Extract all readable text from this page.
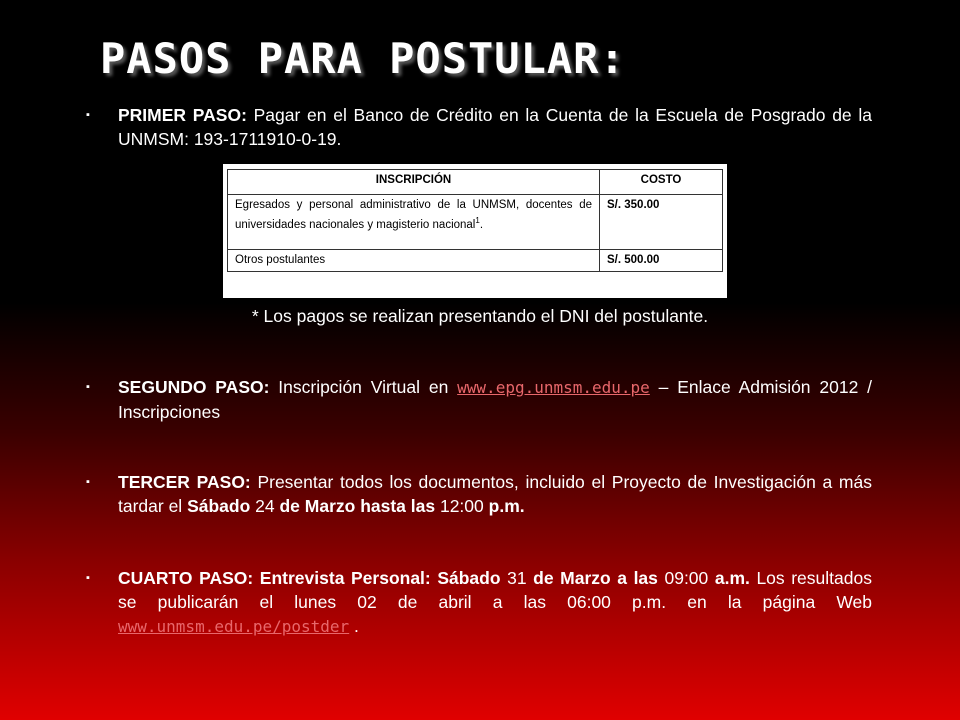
PASOS PARA POSTULAR:
▪ PRIMER PASO: Pagar en el Banco de Crédito en la Cuenta de la Escuela de Posgrado de la UNMSM: 193-1711910-0-19.
INSCRIPCIÓN	COSTO
Egresados y personal administrativo de la UNMSM, docentes de universidades nacionales y magisterio nacional$^1$.	S/. 350.00
Otros postulantes	S/. 500.00
* Los pagos se realizan presentando el DNI del postulante.
▪ SEGUNDO PASO: Inscripción Virtual en www.epg.unmsm.edu.pe – Enlace Admisión 2012 / Inscripciones
▪ TERCER PASO: Presentar todos los documentos, incluido el Proyecto de Investigación a más tardar el Sábado 24 de Marzo hasta las 12:00 p.m.
▪ CUARTO PASO: Entrevista Personal: Sábado 31 de Marzo a las 09:00 a.m. Los resultados se publicarán el lunes 02 de abril a las 06:00 p.m. en la página Web www.unmsm.edu.pe/postder .
